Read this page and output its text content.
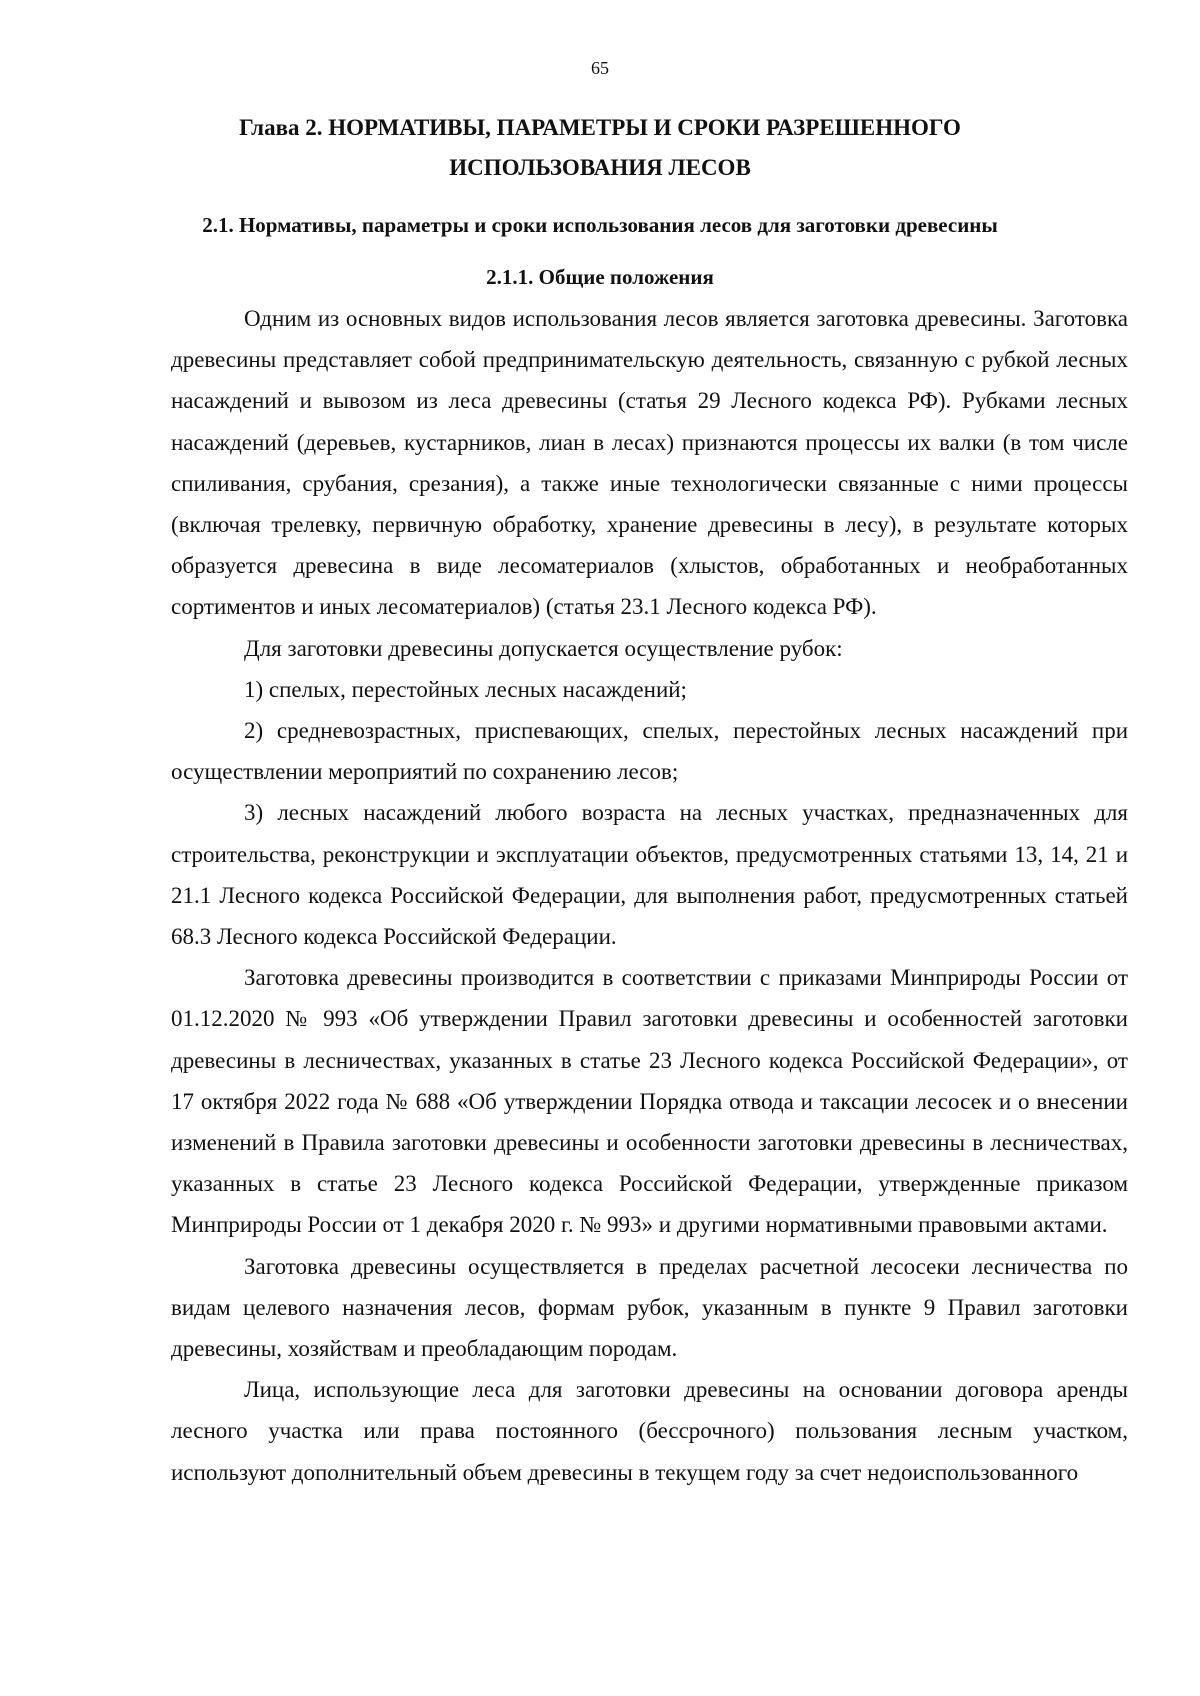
65
Глава 2. НОРМАТИВЫ, ПАРАМЕТРЫ И СРОКИ РАЗРЕШЕННОГО
ИСПОЛЬЗОВАНИЯ ЛЕСОВ
2.1. Нормативы, параметры и сроки использования лесов для заготовки древесины
2.1.1. Общие положения

Одним из основных видов использования лесов является заготовка древесины. Заготовка древесины представляет собой предпринимательскую деятельность, связанную с рубкой лесных насаждений и вывозом из леса древесины (статья 29 Лесного кодекса РФ). Рубками лесных насаждений (деревьев, кустарников, лиан в лесах) признаются процессы их валки (в том числе спиливания, срубания, срезания), а также иные технологически связанные с ними процессы (включая трелевку, первичную обработку, хранение древесины в лесу), в результате которых образуется древесина в виде лесоматериалов (хлыстов, обработанных и необработанных сортиментов и иных лесоматериалов) (статья 23.1 Лесного кодекса РФ).

Для заготовки древесины допускается осуществление рубок:

1) спелых, перестойных лесных насаждений;

2) средневозрастных, приспевающих, спелых, перестойных лесных насаждений при осуществлении мероприятий по сохранению лесов;

3) лесных насаждений любого возраста на лесных участках, предназначенных для строительства, реконструкции и эксплуатации объектов, предусмотренных статьями 13, 14, 21 и 21.1 Лесного кодекса Российской Федерации, для выполнения работ, предусмотренных статьей 68.3 Лесного кодекса Российской Федерации.

Заготовка древесины производится в соответствии с приказами Минприроды России от 01.12.2020 № 993 «Об утверждении Правил заготовки древесины и особенностей заготовки древесины в лесничествах, указанных в статье 23 Лесного кодекса Российской Федерации», от 17 октября 2022 года № 688 «Об утверждении Порядка отвода и таксации лесосек и о внесении изменений в Правила заготовки древесины и особенности заготовки древесины в лесничествах, указанных в статье 23 Лесного кодекса Российской Федерации, утвержденные приказом Минприроды России от 1 декабря 2020 г. № 993» и другими нормативными правовыми актами.

Заготовка древесины осуществляется в пределах расчетной лесосеки лесничества по видам целевого назначения лесов, формам рубок, указанным в пункте 9 Правил заготовки древесины, хозяйствам и преобладающим породам.

Лица, использующие леса для заготовки древесины на основании договора аренды лесного участка или права постоянного (бессрочного) пользования лесным участком, используют дополнительный объем древесины в текущем году за счет недоиспользованного
